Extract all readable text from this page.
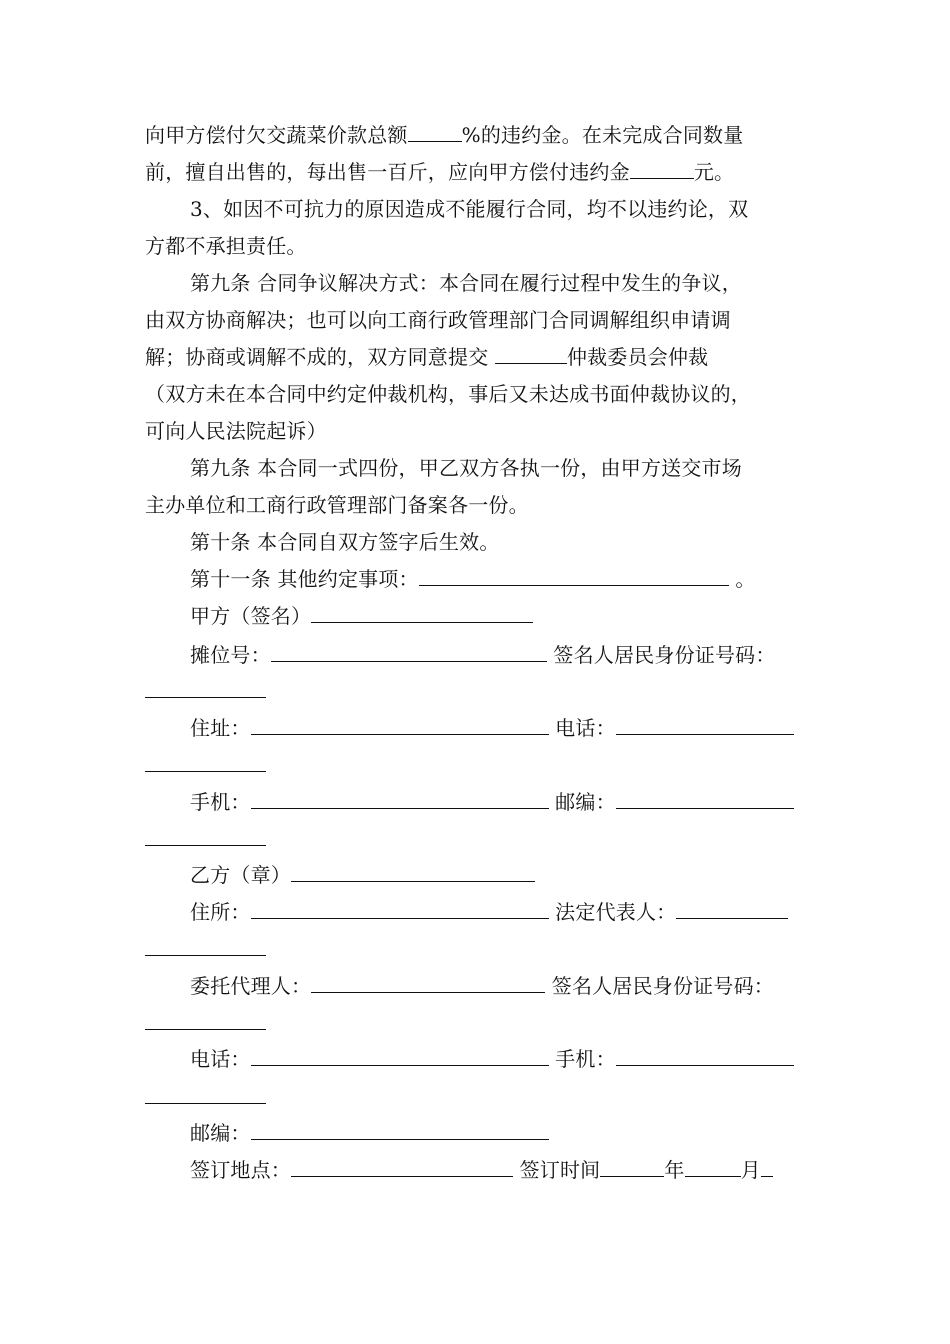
向甲方偿付欠交蔬菜价款总额	%的违约金。在未完成合同数量
前，擅自出售的，每出售一百斤，应向甲方偿付违约金	元。
3、如因不可抗力的原因造成不能履行合同，均不以违约论，双
方都不承担责任。
第九条 合同争议解决方式：本合同在履行过程中发生的争议，
由双方协商解决；也可以向工商行政管理部门合同调解组织申请调
解；协商或调解不成的，双方同意提交	仲裁委员会仲裁
（双方未在本合同中约定仲裁机构，事后又未达成书面仲裁协议的，
可向人民法院起诉）
第九条 本合同一式四份，甲乙双方各执一份，由甲方送交市场
主办单位和工商行政管理部门备案各一份。
第十条 本合同自双方签字后生效。
第十一条 其他约定事项：	。
甲方（签名）
摊位号：	签名人居民身份证号码：
住址：	电话：
手机：	邮编：
乙方（章）
住所：	法定代表人：
委托代理人：	签名人居民身份证号码：
电话：	手机：
邮编：
签订地点：	签订时间	年	月
